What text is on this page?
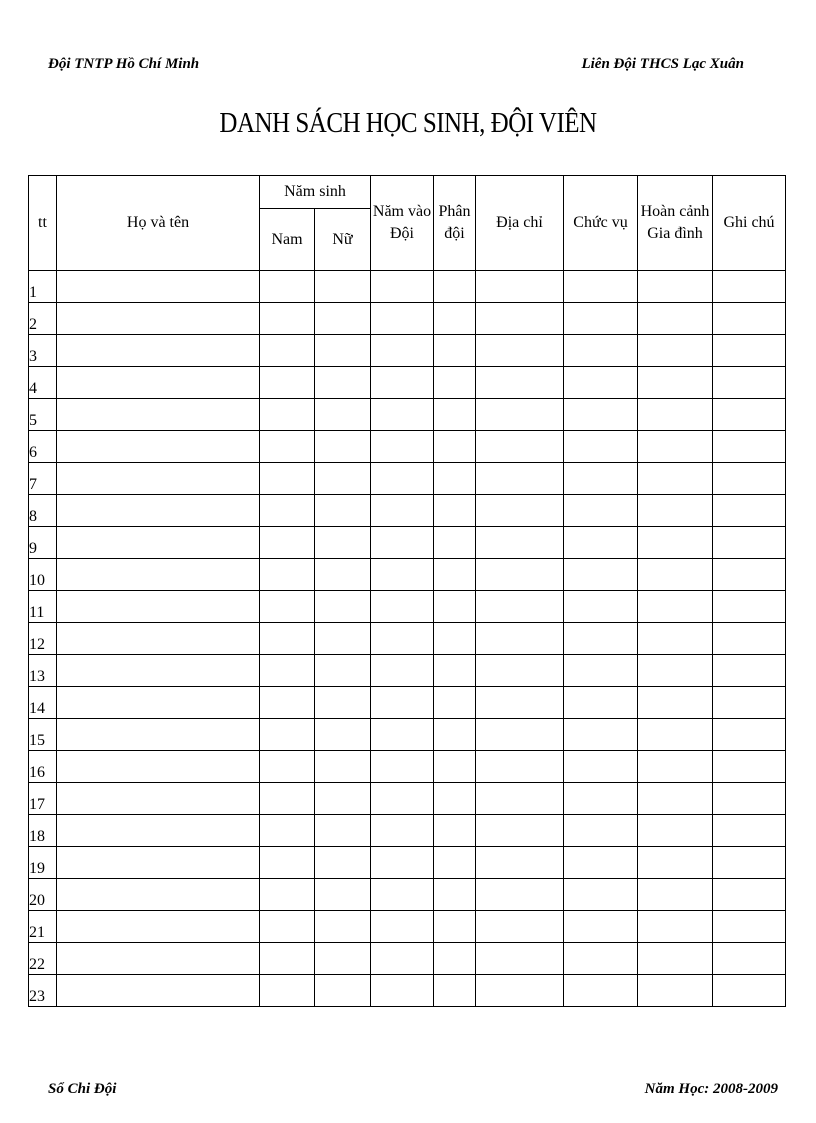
Đội TNTP Hồ Chí Minh	Liên Đội THCS Lạc Xuân
DANH SÁCH HỌC SINH, ĐỘI VIÊN
tt	Họ và tên	Năm sinh		Năm vào Đội	Phân đội	Địa chỉ	Chức vụ	Hoàn cảnh Gia đình	Ghi chú
		Nam	Nữ						
1									
2									
3									
4									
5									
6									
7									
8									
9									
10									
11									
12									
13									
14									
15									
16									
17									
18									
19									
20									
21									
22									
23									
Sổ Chi Đội	Năm Học: 2008-2009
